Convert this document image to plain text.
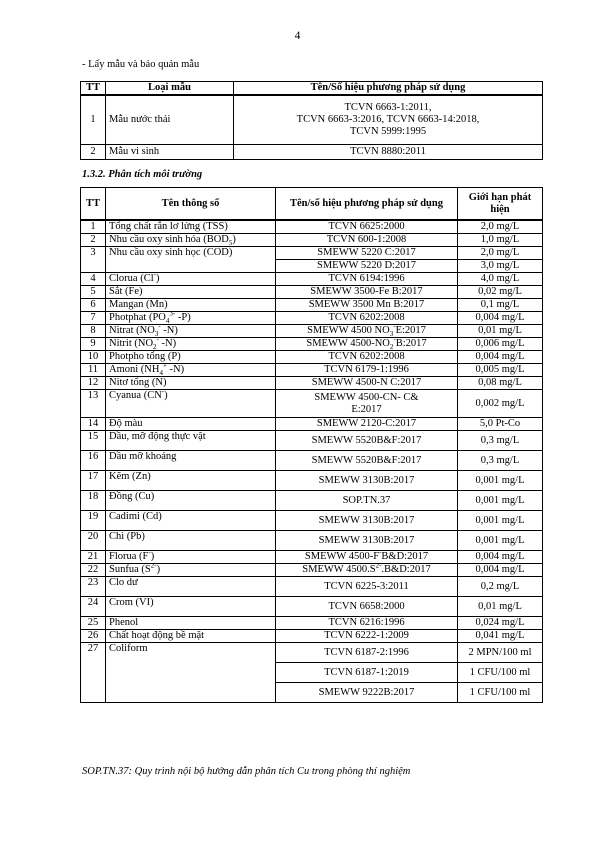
4
- Lấy mẫu và bảo quản mẫu
TT	Loại mẫu	Tên/Số hiệu phương pháp sử dụng
1	Mẫu nước thải	TCVN 6663-1:2011,
TCVN 6663-3:2016, TCVN 6663-14:2018,
TCVN 5999:1995

2	Mẫu vi sinh	TCVN 8880:2011
1.3.2. Phân tích môi trường
TT	Tên thông số	Tên/số hiệu phương pháp sử dụng	Giới hạn phát hiện
1	Tổng chất rắn lơ lửng (TSS)	TCVN 6625:2000	2,0 mg/L
2	Nhu cầu oxy sinh hóa $(BOD_5)$	TCVN 600-1:2008	1,0 mg/L
3	Nhu cầu oxy sinh học (COD)	SMEWW 5220 C:2017	2,0 mg/L
		SMEWW 5220 D:2017	3,0 mg/L
4	Clorua (Cl-)	TCVN 6194:1996	4,0 mg/L
5	Sắt (Fe)	SMEWW 3500-Fe B:2017	0,02 mg/L
6	Mangan (Mn)	SMEWW 3500 Mn B:2017	0,1 mg/L
7	Photphat ($PO_4^{3-}$ -P)	TCVN 6202:2008	0,004 mg/L
8	Nitrat ($NO_3^-$ -N)	SMEWW 4500 $NO_3^-E:2017$	0,01 mg/L
9	Nitrit ($NO_2^-$ -N)	SMEWW $4500-NO_2^-B:2017$	0,006 mg/L
10	Photpho tổng (P)	TCVN 6202:2008	0,004 mg/L
11	Amoni ($NH_4^+$ -N)	TCVN 6179-1:1996	0,005 mg/L
12	Nitơ tổng (N)	SMEWW 4500-N C:2017	0,08 mg/L
13	Cyanua (CN-)	SMEWW 4500-CN- C&
E:2017	0,002 mg/L
14	Độ màu	SMEWW 2120-C:2017	5,0 Pt-Co
15	Dầu, mỡ động thực vật	SMEWW 5520B&F:2017	0,3 mg/L
16	Dầu mỡ khoáng	SMEWW 5520B&F:2017	0,3 mg/L
17	Kẽm (Zn)	SMEWW 3130B:2017	0,001 mg/L
18	Đồng (Cu)	SOP.TN.37	0,001 mg/L
19	Cadimi (Cd)	SMEWW 3130B:2017	0,001 mg/L
20	Chì (Pb)	SMEWW 3130B:2017	0,001 mg/L
21	Florua (F-)	SMEWW 4500-F-B&D:2017	0,004 mg/L
22	Sunfua $(S^{2-})$	SMEWW $4500.S^{2-}.B\&D:2017$	0,004 mg/L
23	Clo dư	TCVN 6225-3:2011	0,2 mg/L
24	Crom (VI)	TCVN 6658:2000	0,01 mg/L
25	Phenol	TCVN 6216:1996	0,024 mg/L
26	Chất hoạt động bề mặt	TCVN 6222-1:2009	0,041 mg/L
27	Coliform	TCVN 6187-2:1996	2 MPN/100 ml
		TCVN 6187-1:2019	1 CFU/100 ml
		SMEWW 9222B:2017	1 CFU/100 ml
SOP.TN.37: Quy trình nội bộ hướng dẫn phân tích Cu trong phòng thí nghiệm
